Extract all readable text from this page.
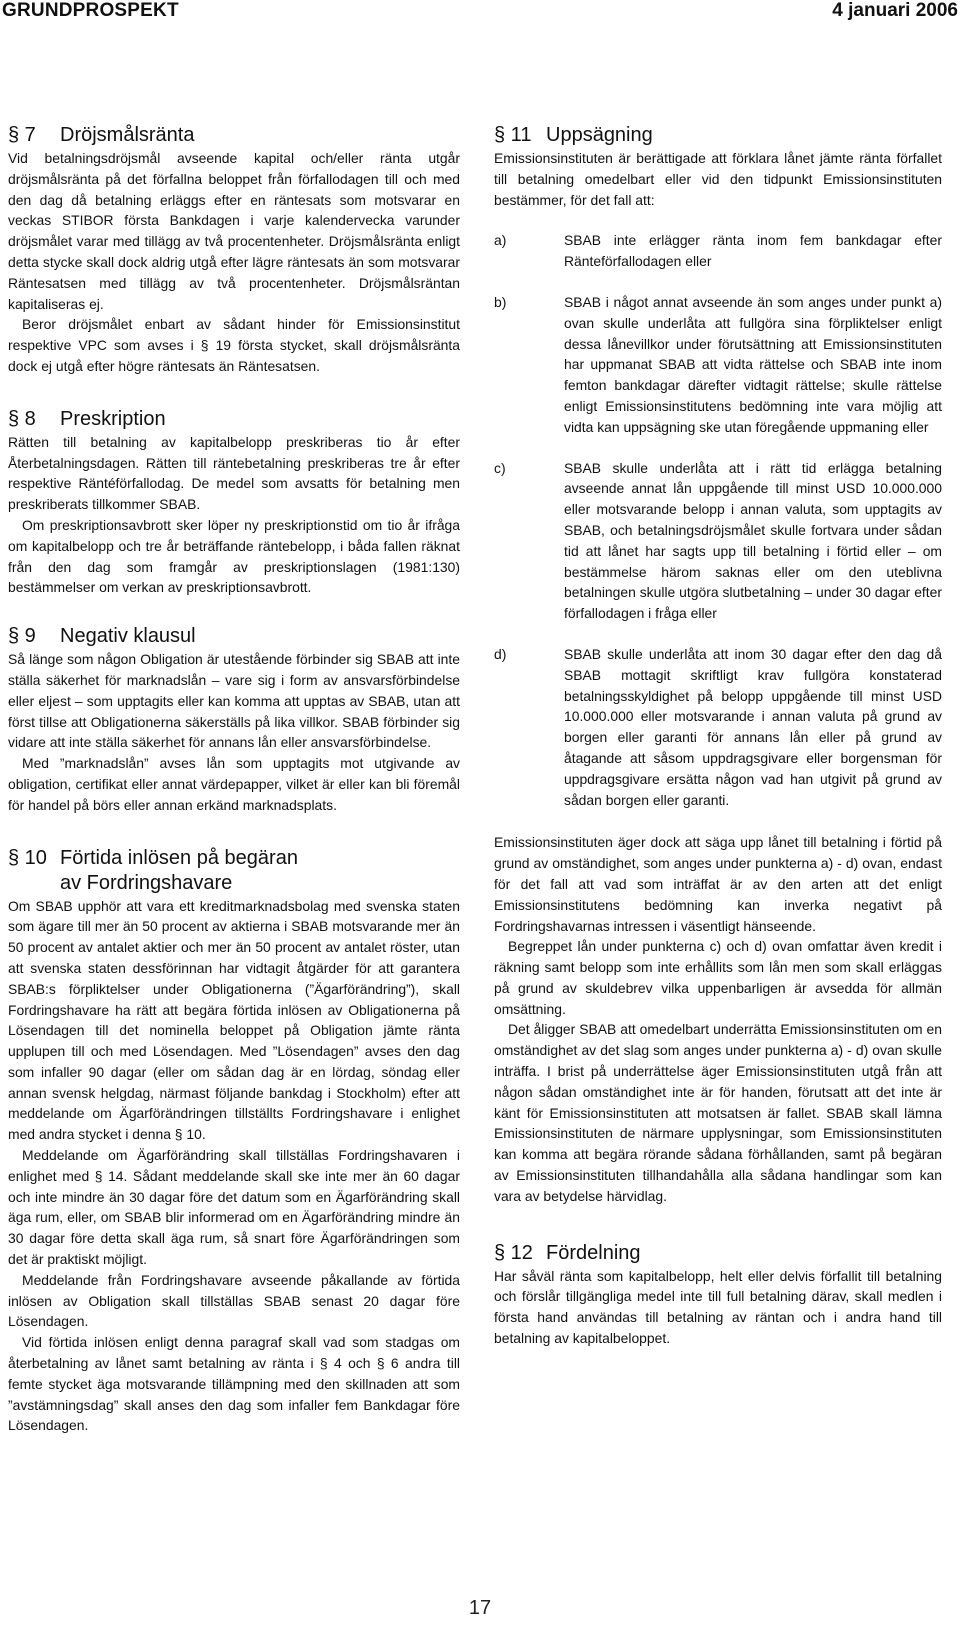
GRUNDPROSPEKT	4 januari 2006
§ 7	Dröjsmålsränta

Vid betalningsdröjsmål avseende kapital och/eller ränta utgår dröjsmålsränta på det förfallna beloppet från förfallodagen till och med den dag då betalning erläggs efter en räntesats som motsvarar en veckas STIBOR första Bankdagen i varje kalendervecka varunder dröjsmålet varar med tillägg av två procentenheter. Dröjsmålsränta enligt detta stycke skall dock aldrig utgå efter lägre räntesats än som motsvarar Räntesatsen med tillägg av två procentenheter. Dröjsmålsräntan kapitaliseras ej.

Beror dröjsmålet enbart av sådant hinder för Emissionsinstitut respektive VPC som avses i § 19 första stycket, skall dröjsmålsränta dock ej utgå efter högre räntesats än Räntesatsen.

§ 8	Preskription

Rätten till betalning av kapitalbelopp preskriberas tio år efter Återbetalningsdagen. Rätten till räntebetalning preskriberas tre år efter respektive Räntéförfallodag. De medel som avsatts för betalning men preskriberats tillkommer SBAB.

Om preskriptionsavbrott sker löper ny preskriptionstid om tio år ifråga om kapitalbelopp och tre år beträffande räntebelopp, i båda fallen räknat från den dag som framgår av preskriptionslagen (1981:130) bestämmelser om verkan av preskriptionsavbrott.

§ 9	Negativ klausul

Så länge som någon Obligation är utestående förbinder sig SBAB att inte ställa säkerhet för marknadslån – vare sig i form av ansvarsförbindelse eller eljest – som upptagits eller kan komma att upptas av SBAB, utan att först tillse att Obligationerna säkerställs på lika villkor. SBAB förbinder sig vidare att inte ställa säkerhet för annans lån eller ansvarsförbindelse.

Med ”marknadslån” avses lån som upptagits mot utgivande av obligation, certifikat eller annat värdepapper, vilket är eller kan bli föremål för handel på börs eller annan erkänd marknadsplats.

§ 10 Förtida inlösen på begäran
av Fordringshavare

Om SBAB upphör att vara ett kreditmarknadsbolag med svenska staten som ägare till mer än 50 procent av aktierna i SBAB motsvarande mer än 50 procent av antalet aktier och mer än 50 procent av antalet röster, utan att svenska staten dessförinnan har vidtagit åtgärder för att garantera SBAB:s förpliktelser under Obligationerna (”Ägarförändring”), skall Fordringshavare ha rätt att begära förtida inlösen av Obligationerna på Lösendagen till det nominella beloppet på Obligation jämte ränta upplupen till och med Lösendagen. Med ”Lösendagen” avses den dag som infaller 90 dagar (eller om sådan dag är en lördag, söndag eller annan svensk helgdag, närmast följande bankdag i Stockholm) efter att meddelande om Ägarförändringen tillställts Fordringshavare i enlighet med andra stycket i denna § 10.

Meddelande om Ägarförändring skall tillställas Fordringshavaren i enlighet med § 14. Sådant meddelande skall ske inte mer än 60 dagar och inte mindre än 30 dagar före det datum som en Ägarförändring skall äga rum, eller, om SBAB blir informerad om en Ägarförändring mindre än 30 dagar före detta skall äga rum, så snart före Ägarförändringen som det är praktiskt möjligt.

Meddelande från Fordringshavare avseende påkallande av förtida inlösen av Obligation skall tillställas SBAB senast 20 dagar före Lösendagen.

Vid förtida inlösen enligt denna paragraf skall vad som stadgas om återbetalning av lånet samt betalning av ränta i § 4 och § 6 andra till femte stycket äga motsvarande tillämpning med den skillnaden att som ”avstämningsdag” skall anses den dag som infaller fem Bankdagar före Lösendagen.

§ 11 Uppsägning

Emissionsinstituten är berättigade att förklara lånet jämte ränta förfallet till betalning omedelbart eller vid den tidpunkt Emissionsinstituten bestämmer, för det fall att:

a)	SBAB inte erlägger ränta inom fem bankdagar efter Ränteförfallodagen eller
b)	SBAB i något annat avseende än som anges under punkt a) ovan skulle underlåta att fullgöra sina förpliktelser enligt dessa lånevillkor under förutsättning att Emissionsinstituten har uppmanat SBAB att vidta rättelse och SBAB inte inom femton bankdagar därefter vidtagit rättelse; skulle rättelse enligt Emissionsinstitutens bedömning inte vara möjlig att vidta kan uppsägning ske utan föregående uppmaning eller
c)	SBAB skulle underlåta att i rätt tid erlägga betalning avseende annat lån uppgående till minst USD 10.000.000 eller motsvarande belopp i annan valuta, som upptagits av SBAB, och betalningsdröjsmålet skulle fortvara under sådan tid att lånet har sagts upp till betalning i förtid eller – om bestämmelse härom saknas eller om den uteblivna betalningen skulle utgöra slutbetalning – under 30 dagar efter förfallodagen i fråga eller
d)	SBAB skulle underlåta att inom 30 dagar efter den dag då SBAB mottagit skriftligt krav fullgöra konstaterad betalningsskyldighet på belopp uppgående till minst USD 10.000.000 eller motsvarande i annan valuta på grund av borgen eller garanti för annans lån eller på grund av åtagande att såsom uppdragsgivare eller borgensman för uppdragsgivare ersätta någon vad han utgivit på grund av sådan borgen eller garanti.

Emissionsinstituten äger dock att säga upp lånet till betalning i förtid på grund av omständighet, som anges under punkterna a) - d) ovan, endast för det fall att vad som inträffat är av den arten att det enligt Emissionsinstitutens bedömning kan inverka negativt på Fordringshavarnas intressen i väsentligt hänseende.

Begreppet lån under punkterna c) och d) ovan omfattar även kredit i räkning samt belopp som inte erhållits som lån men som skall erläggas på grund av skuldebrev vilka uppenbarligen är avsedda för allmän omsättning.

Det åligger SBAB att omedelbart underrätta Emissionsinstituten om en omständighet av det slag som anges under punkterna a) - d) ovan skulle inträffa. I brist på underrättelse äger Emissionsinstituten utgå från att någon sådan omständighet inte är för handen, förutsatt att det inte är känt för Emissionsinstituten att motsatsen är fallet. SBAB skall lämna Emissionsinstituten de närmare upplysningar, som Emissionsinstituten kan komma att begära rörande sådana förhållanden, samt på begäran av Emissionsinstituten tillhandahålla alla sådana handlingar som kan vara av betydelse härvidlag.

§ 12 Fördelning

Har såväl ränta som kapitalbelopp, helt eller delvis förfallit till betalning och förslår tillgängliga medel inte till full betalning därav, skall medlen i första hand användas till betalning av räntan och i andra hand till betalning av kapitalbeloppet.

17
